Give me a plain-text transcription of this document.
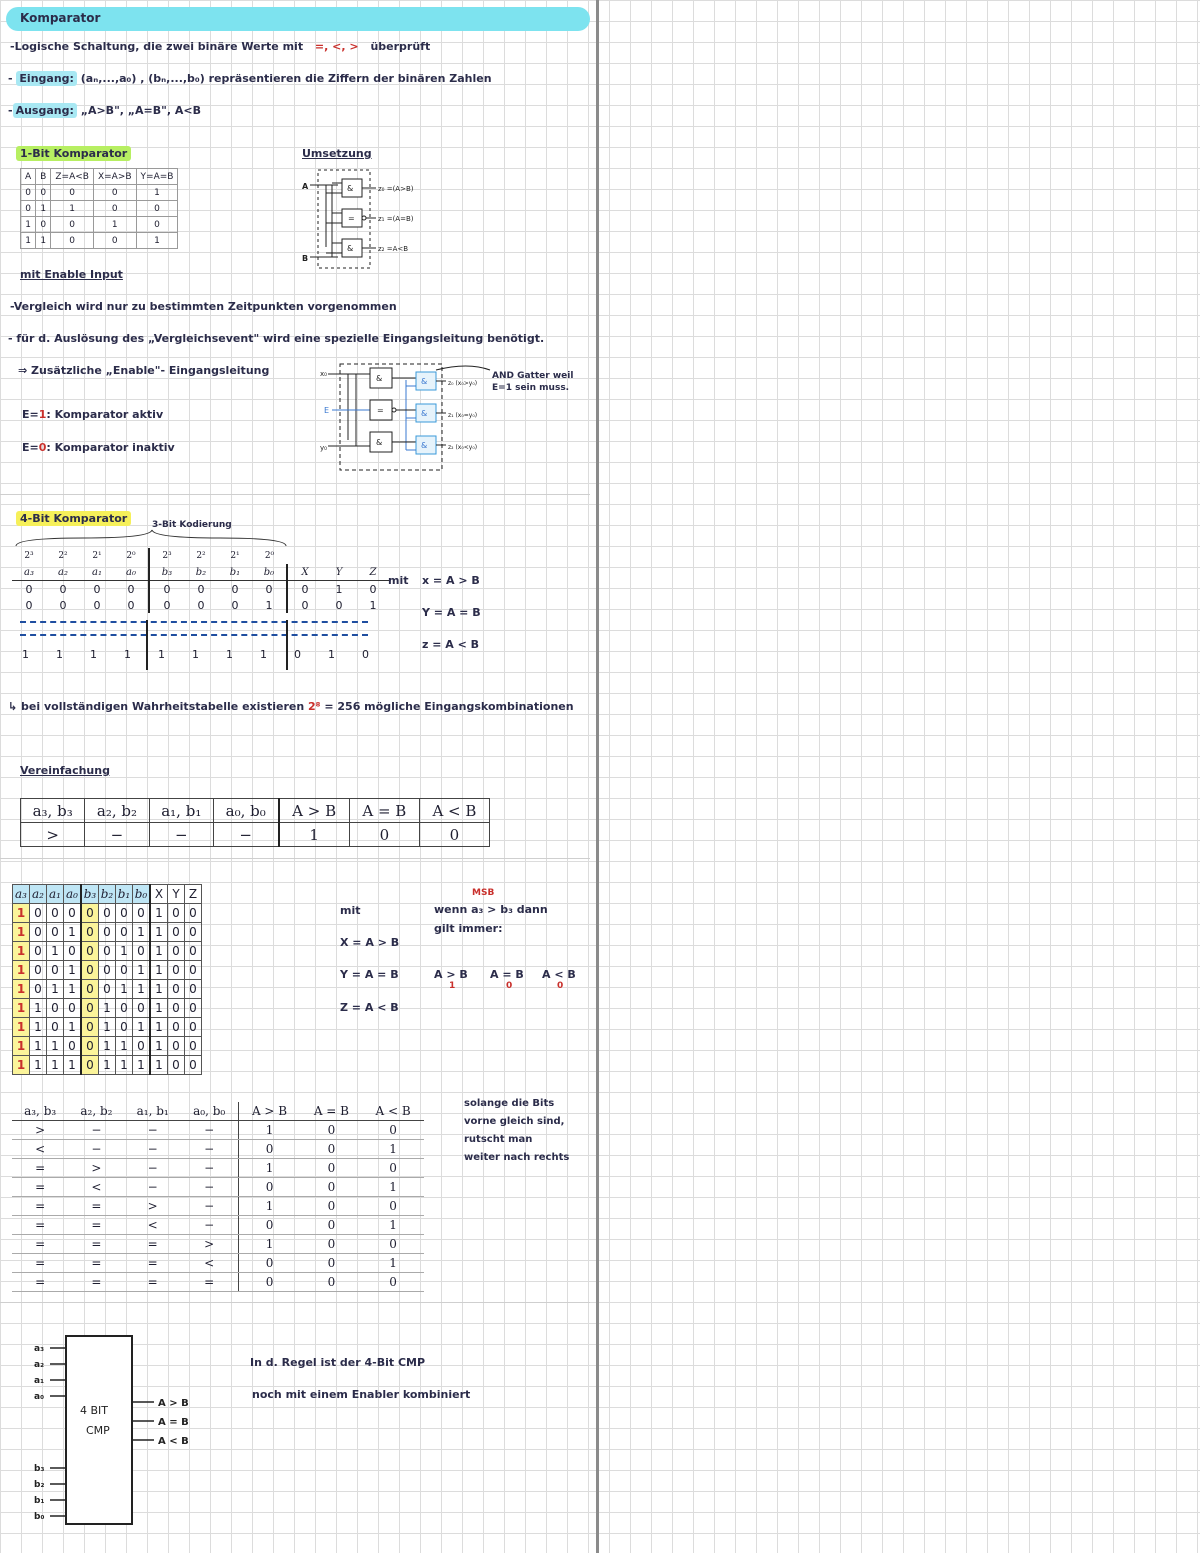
Komparator
-Logische Schaltung, die zwei binäre Werte mit =, <, > überprüft
- Eingang: (aₙ,...,a₀) , (bₙ,...,b₀) repräsentieren die Ziffern der binären Zahlen
- Ausgang: „A>B", „A=B", A<B
1-Bit Komparator
A	B	Z=A<B	X=A>B	Y=A=B
0	0	0	0	1
0	1	1	0	0
1	0	0	1	0
1	1	0	0	1
Umsetzung
A
B
&
=
&
z₀ =(A>B)
z₁ =(A=B)
z₂ =A<B
mit Enable Input
-Vergleich wird nur zu bestimmten Zeitpunkten vorgenommen
- für d. Auslösung des „Vergleichsevent" wird eine spezielle Eingangsleitung benötigt.
⇒ Zusätzliche „Enable"- Eingangsleitung
E=1: Komparator aktiv
E=0: Komparator inaktiv
x₀
E
y₀
&
=
&
&
&
&
z₀ (x₀>y₀)
z₁ (x₀=y₀)
z₂ (x₀<y₀)
AND Gatter weil
E=1 sein muss.
4-Bit Komparator	3-Bit Kodierung
2³	2²	2¹	2⁰	2³	2²	2¹	2⁰			
a₃	a₂	a₁	a₀	b₃	b₂	b₁	b₀	X	Y	Z
0	0	0	0	0	0	0	0	0	1	0
0	0	0	0	0	0	0	1	0	0	1
1 1 1 1 1 1 1 1 0 1 0
mit x = A > B
Y = A = B
z = A < B
↳ bei vollständigen Wahrheitstabelle existieren 2⁸ = 256 mögliche Eingangskombinationen
Vereinfachung
a₃, b₃	a₂, b₂	a₁, b₁	a₀, b₀	A > B	A = B	A < B
>	−	−	−	1	0	0
a₃	a₂	a₁	a₀	b₃	b₂	b₁	b₀	X	Y	Z
1	0	0	0	0	0	0	0	1	0	0
1	0	0	1	0	0	0	1	1	0	0
1	0	1	0	0	0	1	0	1	0	0
1	0	0	1	0	0	0	1	1	0	0
1	0	1	1	0	0	1	1	1	0	0
1	1	0	0	0	1	0	0	1	0	0
1	1	0	1	0	1	0	1	1	0	0
1	1	1	0	0	1	1	0	1	0	0
1	1	1	1	0	1	1	1	1	0	0
mit
X = A > B
Y = A = B
Z = A < B
MSB
wenn a₃ > b₃ dann
gilt immer:
A > B A = B A < B
1	0	0
a₃, b₃	a₂, b₂	a₁, b₁	a₀, b₀	A > B	A = B	A < B
>	−	−	−	1	0	0
<	−	−	−	0	0	1
=	>	−	−	1	0	0
=	<	−	−	0	0	1
=	=	>	−	1	0	0
=	=	<	−	0	0	1
=	=	=	>	1	0	0
=	=	=	<	0	0	1
=	=	=	=	0	0	0
solange die Bits
vorne gleich sind,
rutscht man
weiter nach rechts
a₃
a₂
a₁
a₀
b₃
b₂
b₁
b₀
4 BIT
CMP
A > B
A = B
A < B
In d. Regel ist der 4-Bit CMP
noch mit einem Enabler kombiniert
